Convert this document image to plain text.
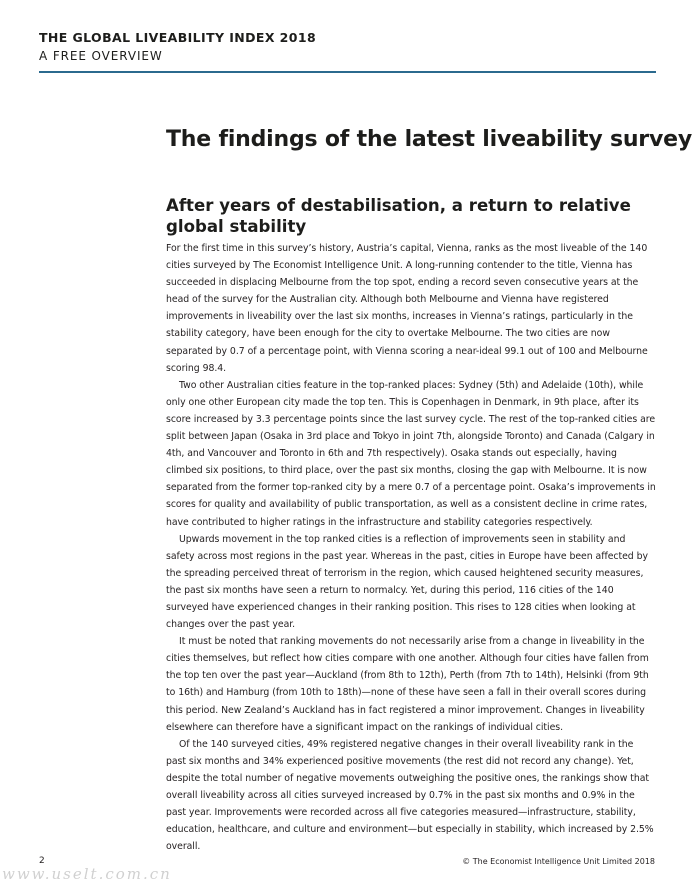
THE GLOBAL LIVEABILITY INDEX 2018
A FREE OVERVIEW
The findings of the latest liveability survey
After years of destabilisation, a return to relative global stability

For the first time in this survey’s history, Austria’s capital, Vienna, ranks as the most liveable of the 140 cities surveyed by The Economist Intelligence Unit. A long-running contender to the title, Vienna has succeeded in displacing Melbourne from the top spot, ending a record seven consecutive years at the head of the survey for the Australian city. Although both Melbourne and Vienna have registered improvements in liveability over the last six months, increases in Vienna’s ratings, particularly in the stability category, have been enough for the city to overtake Melbourne. The two cities are now separated by 0.7 of a percentage point, with Vienna scoring a near-ideal 99.1 out of 100 and Melbourne scoring 98.4.

Two other Australian cities feature in the top-ranked places: Sydney (5th) and Adelaide (10th), while only one other European city made the top ten. This is Copenhagen in Denmark, in 9th place, after its score increased by 3.3 percentage points since the last survey cycle. The rest of the top-ranked cities are split between Japan (Osaka in 3rd place and Tokyo in joint 7th, alongside Toronto) and Canada (Calgary in 4th, and Vancouver and Toronto in 6th and 7th respectively). Osaka stands out especially, having climbed six positions, to third place, over the past six months, closing the gap with Melbourne. It is now separated from the former top-ranked city by a mere 0.7 of a percentage point. Osaka’s improvements in scores for quality and availability of public transportation, as well as a consistent decline in crime rates, have contributed to higher ratings in the infrastructure and stability categories respectively.

Upwards movement in the top ranked cities is a reflection of improvements seen in stability and safety across most regions in the past year. Whereas in the past, cities in Europe have been affected by the spreading perceived threat of terrorism in the region, which caused heightened security measures, the past six months have seen a return to normalcy. Yet, during this period, 116 cities of the 140 surveyed have experienced changes in their ranking position. This rises to 128 cities when looking at changes over the past year.

It must be noted that ranking movements do not necessarily arise from a change in liveability in the cities themselves, but reflect how cities compare with one another. Although four cities have fallen from the top ten over the past year—Auckland (from 8th to 12th), Perth (from 7th to 14th), Helsinki (from 9th to 16th) and Hamburg (from 10th to 18th)—none of these have seen a fall in their overall scores during this period. New Zealand’s Auckland has in fact registered a minor improvement. Changes in liveability elsewhere can therefore have a significant impact on the rankings of individual cities.

Of the 140 surveyed cities, 49% registered negative changes in their overall liveability rank in the past six months and 34% experienced positive movements (the rest did not record any change). Yet, despite the total number of negative movements outweighing the positive ones, the rankings show that overall liveability across all cities surveyed increased by 0.7% in the past six months and 0.9% in the past year. Improvements were recorded across all five categories measured—infrastructure, stability, education, healthcare, and culture and environment—but especially in stability, which increased by 2.5% overall.

2	© The Economist Intelligence Unit Limited 2018
www.uselt.com.cn
